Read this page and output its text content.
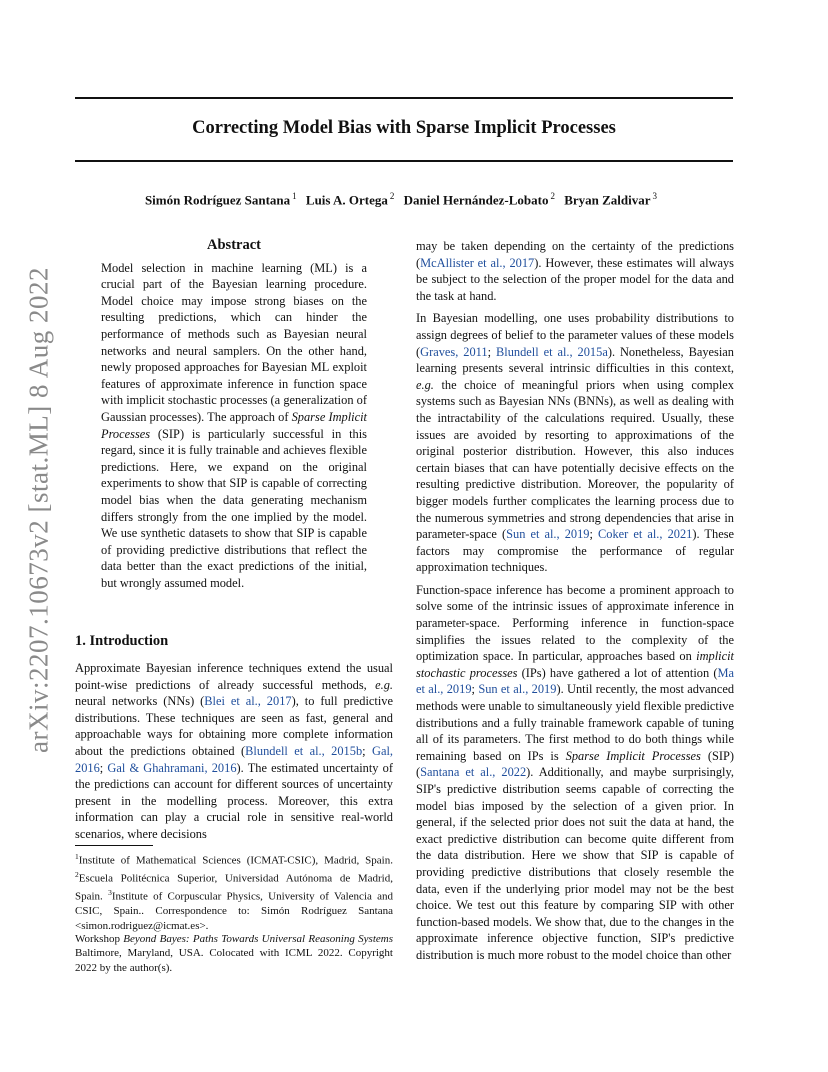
arXiv:2207.10673v2 [stat.ML] 8 Aug 2022
Correcting Model Bias with Sparse Implicit Processes
Simón Rodríguez Santana $^1$ Luis A. Ortega $^2$ Daniel Hernández-Lobato $^2$ Bryan Zaldivar $^3$
Abstract

Model selection in machine learning (ML) is a crucial part of the Bayesian learning procedure. Model choice may impose strong biases on the resulting predictions, which can hinder the performance of methods such as Bayesian neural networks and neural samplers. On the other hand, newly proposed approaches for Bayesian ML exploit features of approximate inference in function space with implicit stochastic processes (a generalization of Gaussian processes). The approach of Sparse Implicit Processes (SIP) is particularly successful in this regard, since it is fully trainable and achieves flexible predictions. Here, we expand on the original experiments to show that SIP is capable of correcting model bias when the data generating mechanism differs strongly from the one implied by the model. We use synthetic datasets to show that SIP is capable of providing predictive distributions that reflect the data better than the exact predictions of the initial, but wrongly assumed model.

1. Introduction

Approximate Bayesian inference techniques extend the usual point-wise predictions of already successful methods, e.g. neural networks (NNs) (Blei et al., 2017), to full predictive distributions. These techniques are seen as fast, general and approachable ways for obtaining more complete information about the predictions obtained (Blundell et al., 2015b; Gal, 2016; Gal & Ghahramani, 2016). The estimated uncertainty of the predictions can account for different sources of uncertainty present in the modelling process. Moreover, this extra information can play a crucial role in sensitive real-world scenarios, where decisions

$^1$Institute of Mathematical Sciences (ICMAT-CSIC), Madrid, Spain. $^2$Escuela Politécnica Superior, Universidad Autónoma de Madrid, Spain. $^3$Institute of Corpuscular Physics, University of Valencia and CSIC, Spain.. Correspondence to: Simón Rodríguez Santana <simon.rodriguez@icmat.es>.
Workshop Beyond Bayes: Paths Towards Universal Reasoning Systems Baltimore, Maryland, USA. Colocated with ICML 2022. Copyright 2022 by the author(s).

may be taken depending on the certainty of the predictions (McAllister et al., 2017). However, these estimates will always be subject to the selection of the proper model for the data and the task at hand.

In Bayesian modelling, one uses probability distributions to assign degrees of belief to the parameter values of these models (Graves, 2011; Blundell et al., 2015a). Nonetheless, Bayesian learning presents several intrinsic difficulties in this context, e.g. the choice of meaningful priors when using complex systems such as Bayesian NNs (BNNs), as well as dealing with the intractability of the calculations required. Usually, these issues are avoided by resorting to approximations of the original posterior distribution. However, this also induces certain biases that can have potentially decisive effects on the resulting predictive distribution. Moreover, the popularity of bigger models further complicates the learning process due to the numerous symmetries and strong dependencies that arise in parameter-space (Sun et al., 2019; Coker et al., 2021). These factors may compromise the performance of regular approximation techniques.

Function-space inference has become a prominent approach to solve some of the intrinsic issues of approximate inference in parameter-space. Performing inference in function-space simplifies the issues related to the complexity of the optimization space. In particular, approaches based on implicit stochastic processes (IPs) have gathered a lot of attention (Ma et al., 2019; Sun et al., 2019). Until recently, the most advanced methods were unable to simultaneously yield flexible predictive distributions and a fully trainable framework capable of tuning all of its parameters. The first method to do both things while remaining based on IPs is Sparse Implicit Processes (SIP) (Santana et al., 2022). Additionally, and maybe surprisingly, SIP's predictive distribution seems capable of correcting the model bias imposed by the selection of a given prior. In general, if the selected prior does not suit the data at hand, the exact predictive distribution can become quite different from the data distribution. Here we show that SIP is capable of providing predictive distributions that closely resemble the data, even if the underlying prior model may not be the best choice. We test out this feature by comparing SIP with other function-based models. We show that, due to the changes in the approximate inference objective function, SIP's predictive distribution is much more robust to the model choice than other
